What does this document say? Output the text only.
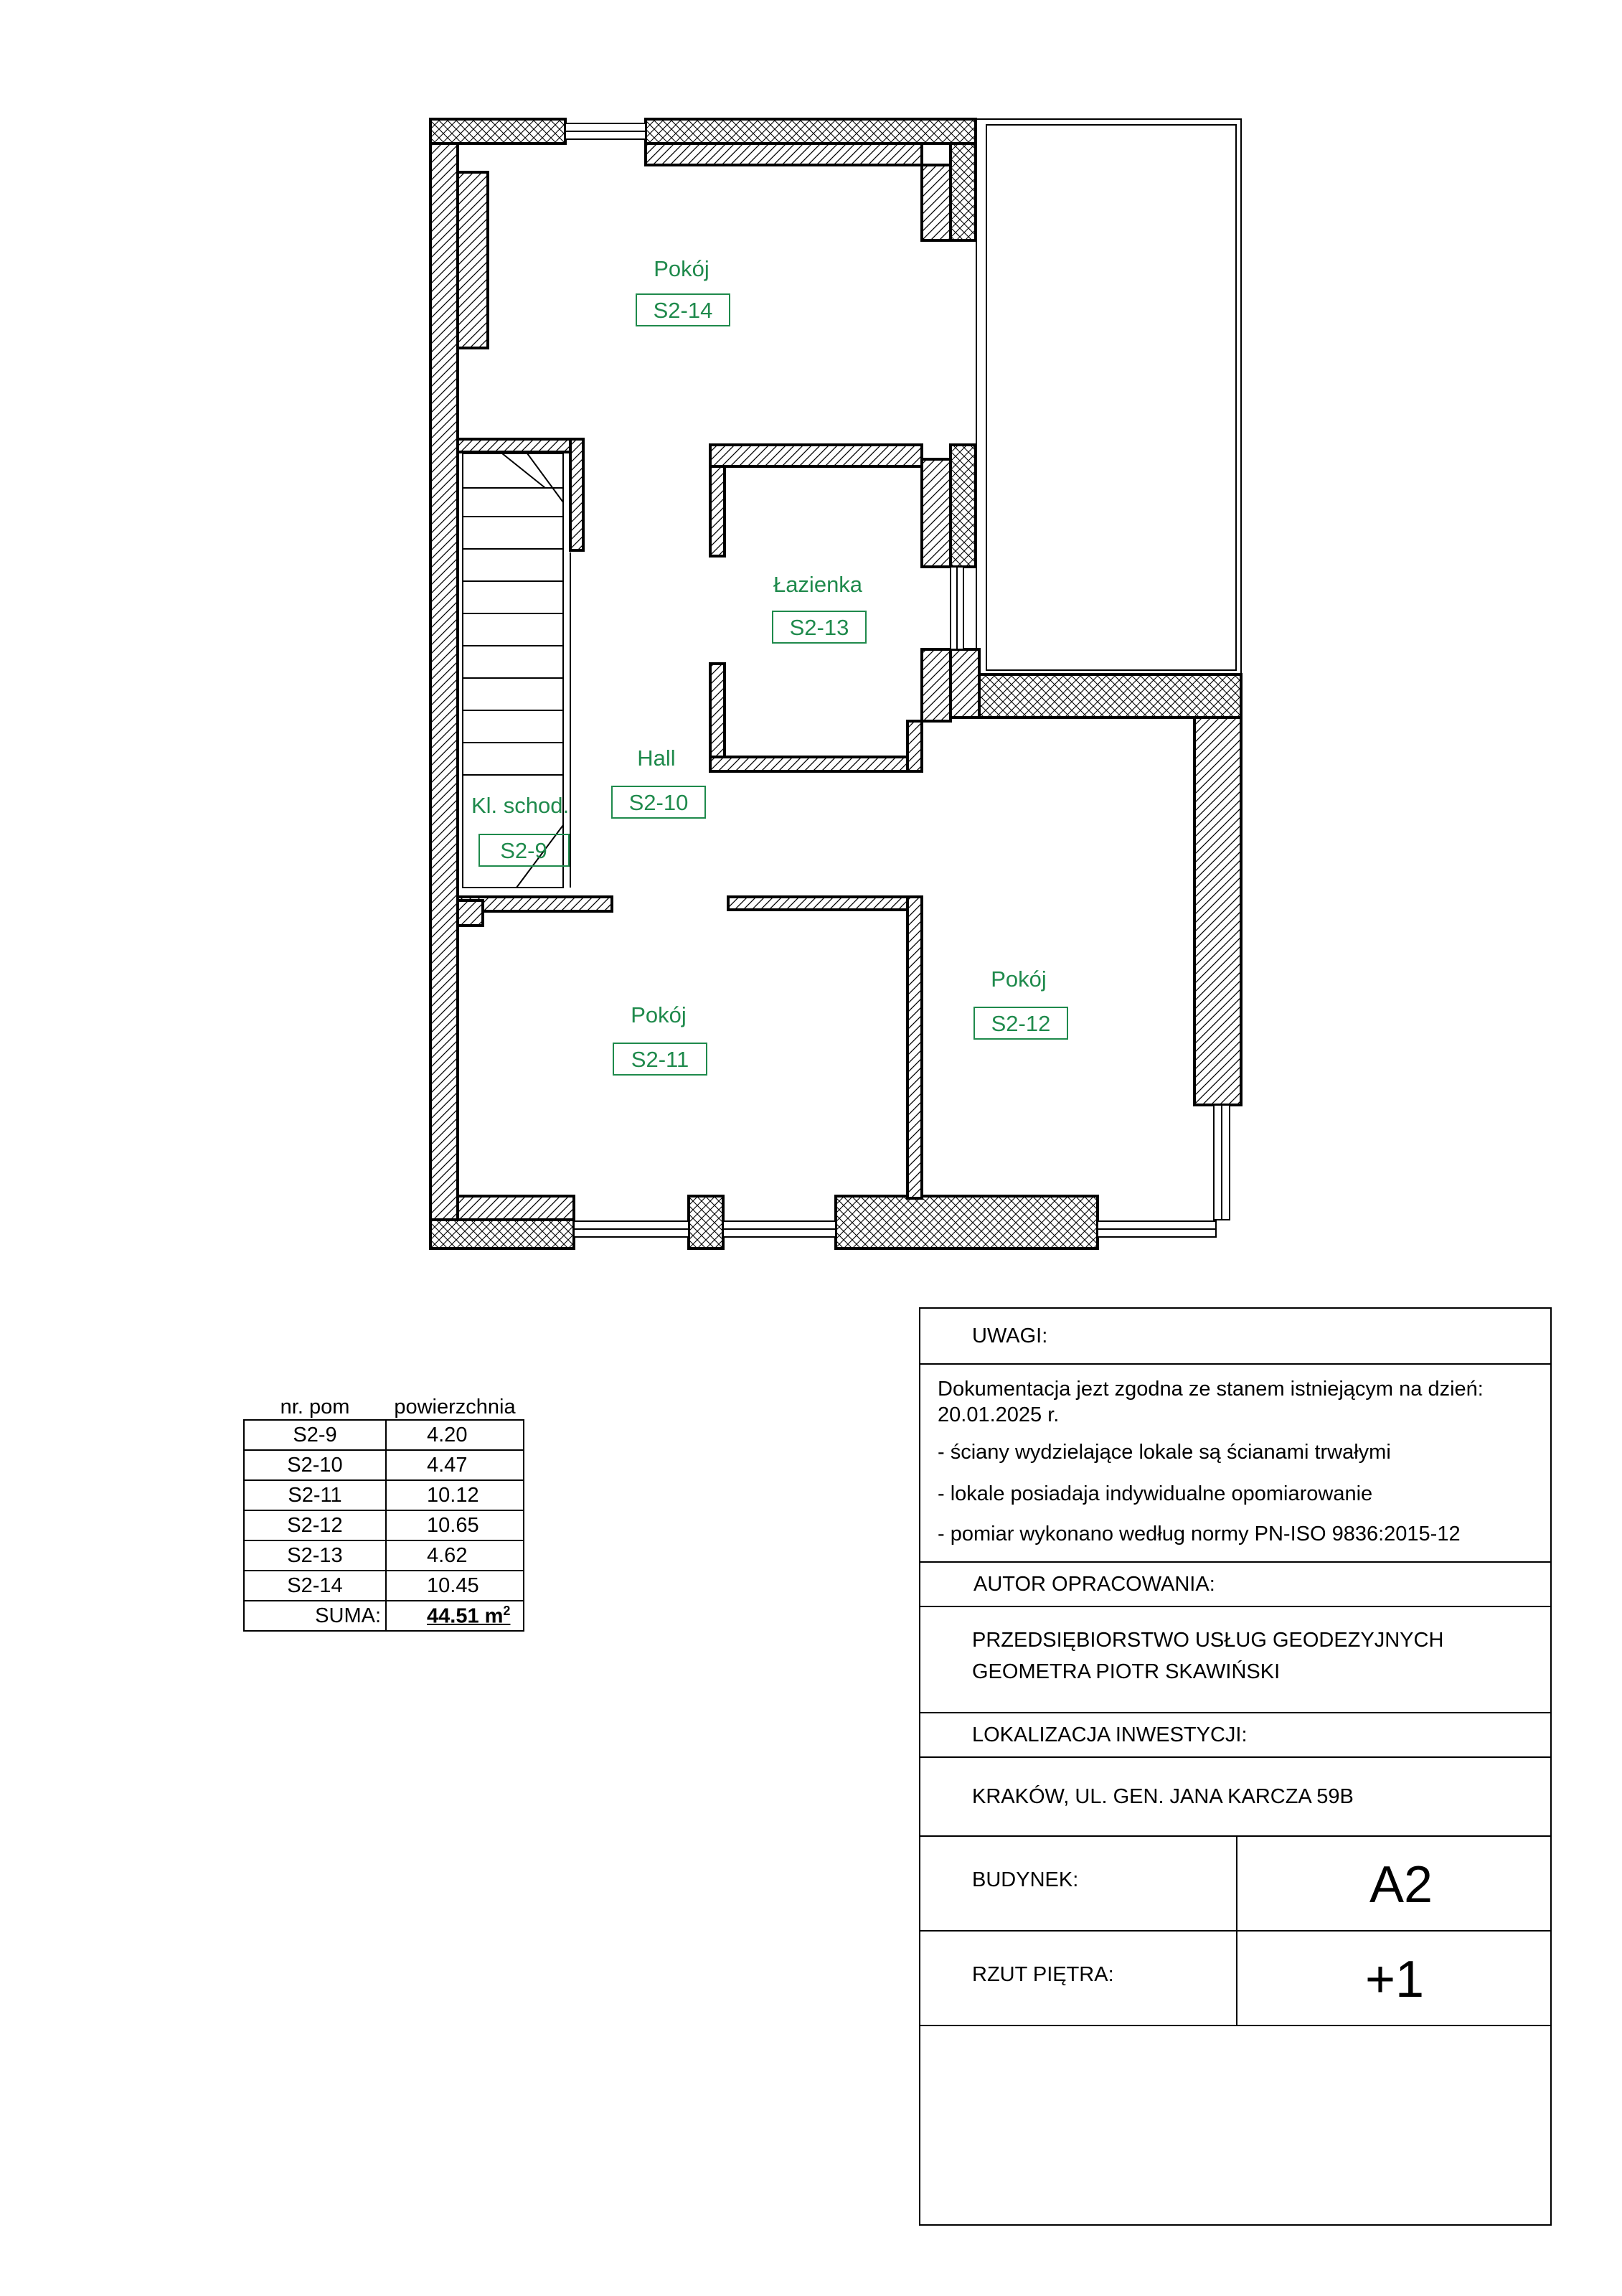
Pokój
S2-14
Łazienka
S2-13
Hall
S2-10
Kl. schod.
S2-9
Pokój
S2-11
Pokój
S2-12
nr. pom	powierzchnia
S2-9	4.20
S2-10	4.47
S2-11	10.12
S2-12	10.65
S2-13	4.62
S2-14	10.45
SUMA:	44.51 $m^2$
UWAGI:
Dokumentacja jezt zgodna ze stanem istniejącym na dzień:
20.01.2025 r.
- ściany wydzielające lokale są ścianami trwałymi
- lokale posiadaja indywidualne opomiarowanie
- pomiar wykonano według normy PN-ISO 9836:2015-12
AUTOR OPRACOWANIA:
PRZEDSIĘBIORSTWO USŁUG GEODEZYJNYCH
GEOMETRA PIOTR SKAWIŃSKI
LOKALIZACJA INWESTYCJI:
KRAKÓW, UL. GEN. JANA KARCZA 59B
BUDYNEK:	A2
RZUT PIĘTRA:	+1
